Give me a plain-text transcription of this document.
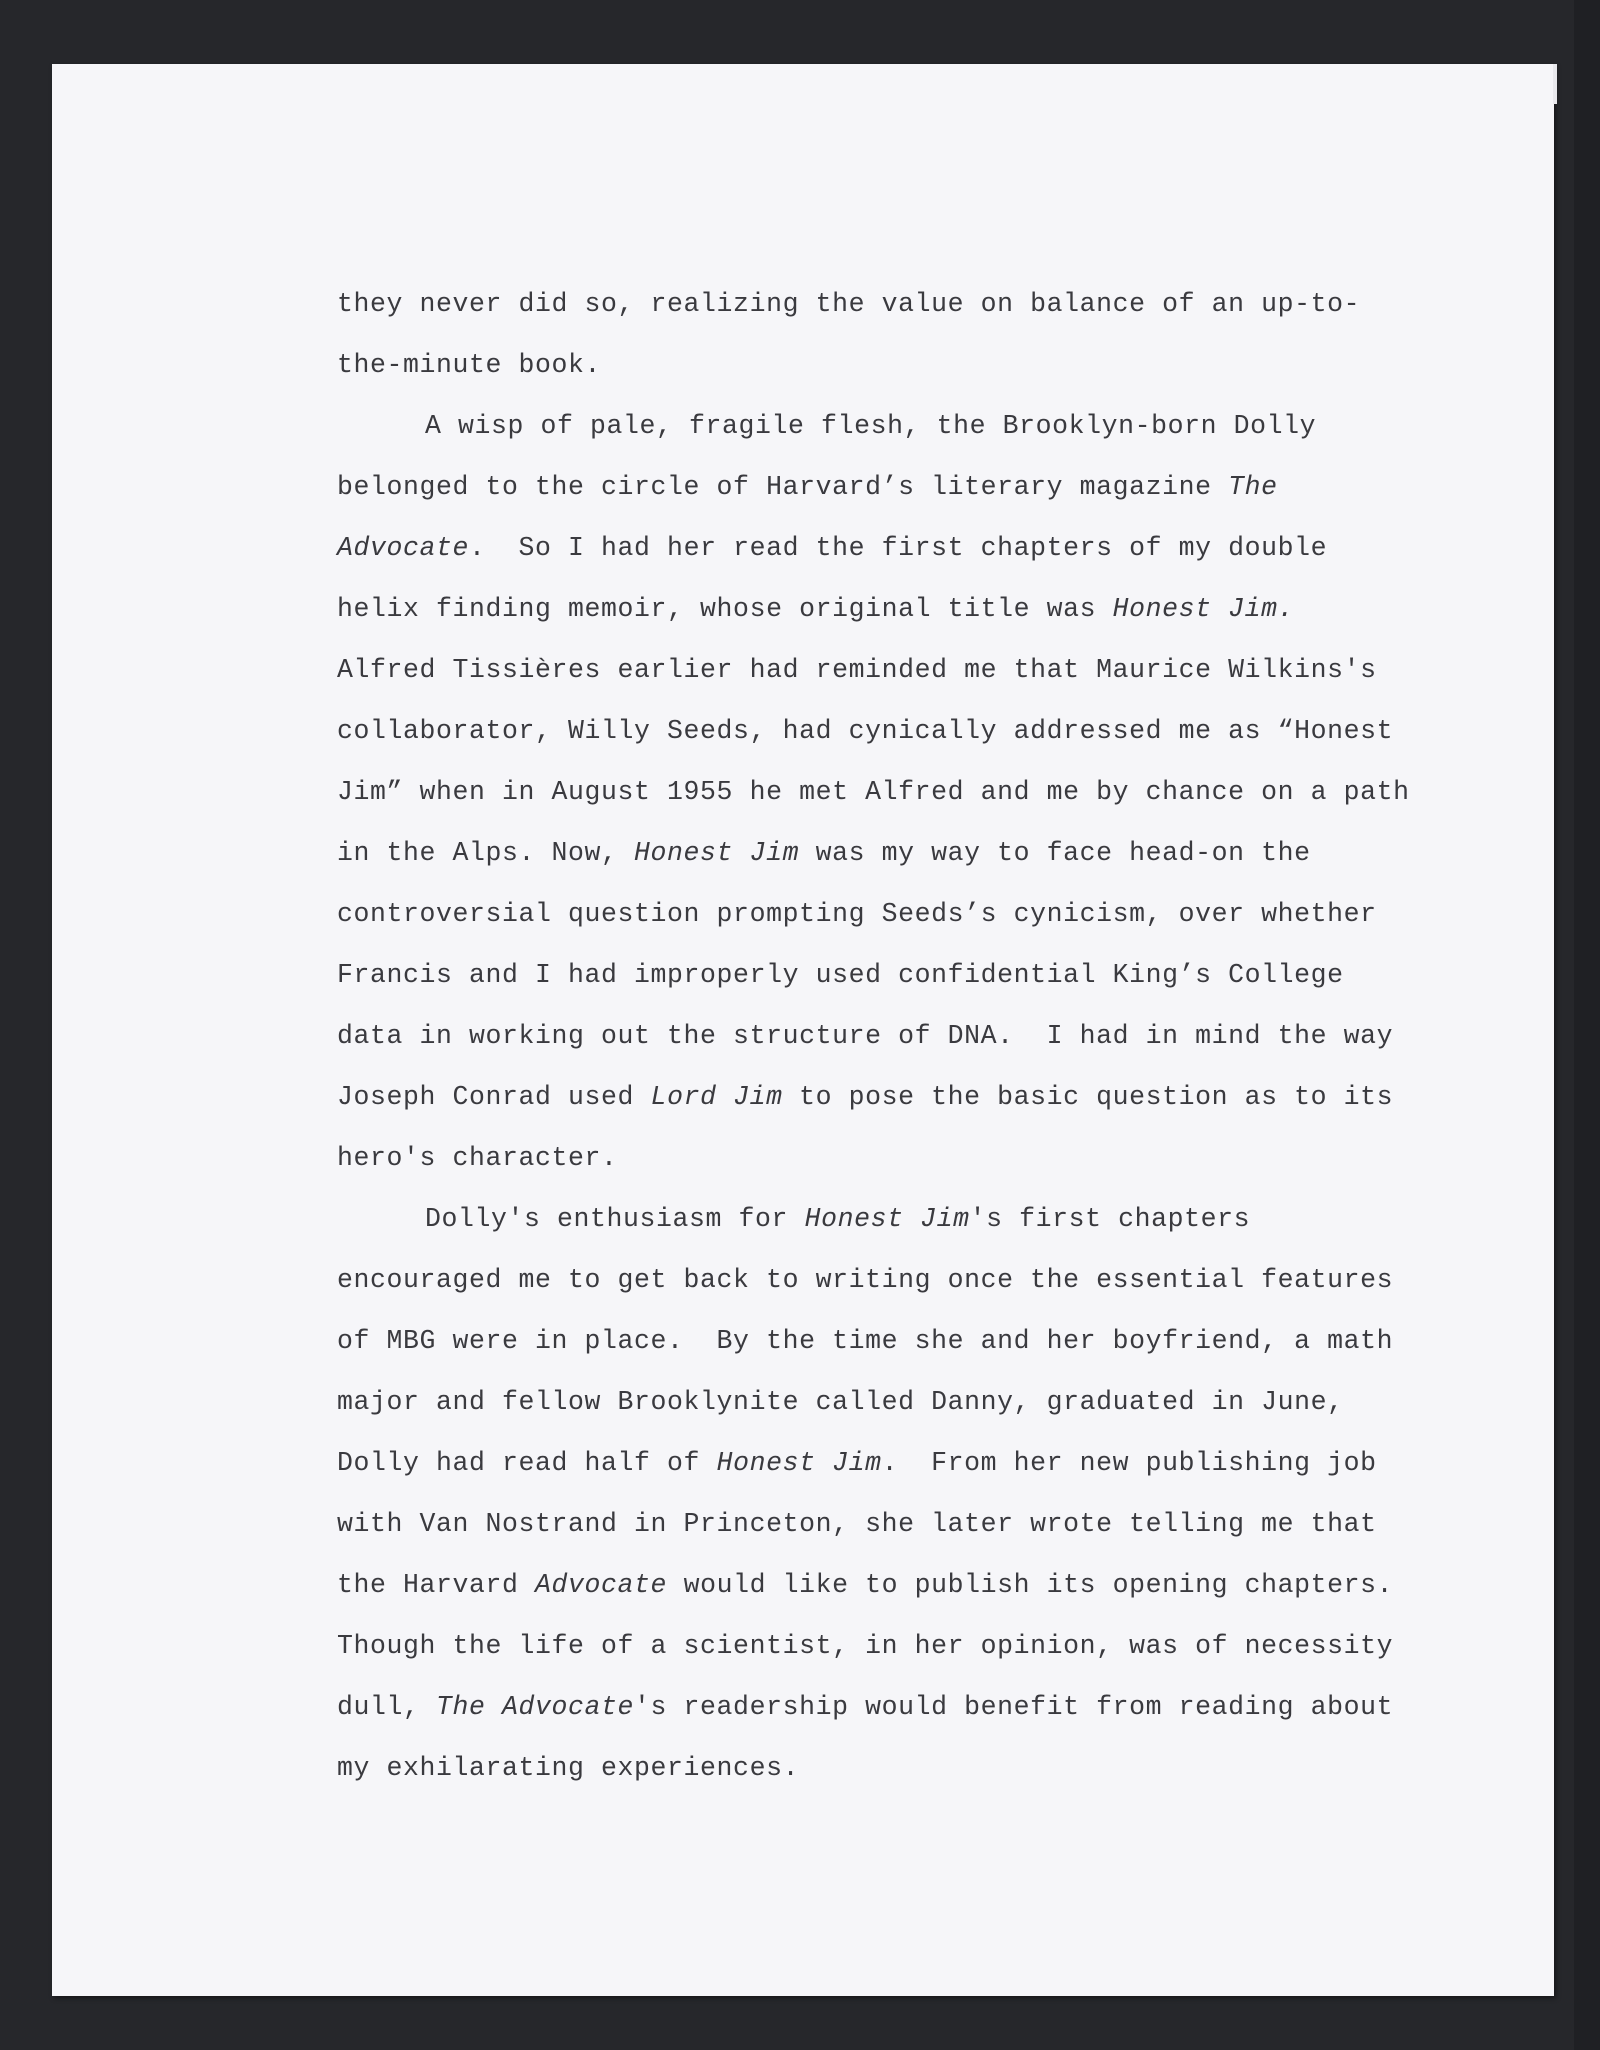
they never did so, realizing the value on balance of an up-to-
the-minute book.
A wisp of pale, fragile flesh, the Brooklyn-born Dolly
belonged to the circle of Harvard’s literary magazine The
Advocate.  So I had her read the first chapters of my double
helix finding memoir, whose original title was Honest Jim.
Alfred Tissières earlier had reminded me that Maurice Wilkins's
collaborator, Willy Seeds, had cynically addressed me as “Honest
Jim” when in August 1955 he met Alfred and me by chance on a path
in the Alps. Now, Honest Jim was my way to face head-on the
controversial question prompting Seeds’s cynicism, over whether
Francis and I had improperly used confidential King’s College
data in working out the structure of DNA.  I had in mind the way
Joseph Conrad used Lord Jim to pose the basic question as to its
hero's character.
Dolly's enthusiasm for Honest Jim's first chapters
encouraged me to get back to writing once the essential features
of MBG were in place.  By the time she and her boyfriend, a math
major and fellow Brooklynite called Danny, graduated in June,
Dolly had read half of Honest Jim.  From her new publishing job
with Van Nostrand in Princeton, she later wrote telling me that
the Harvard Advocate would like to publish its opening chapters.
Though the life of a scientist, in her opinion, was of necessity
dull, The Advocate's readership would benefit from reading about
my exhilarating experiences.
